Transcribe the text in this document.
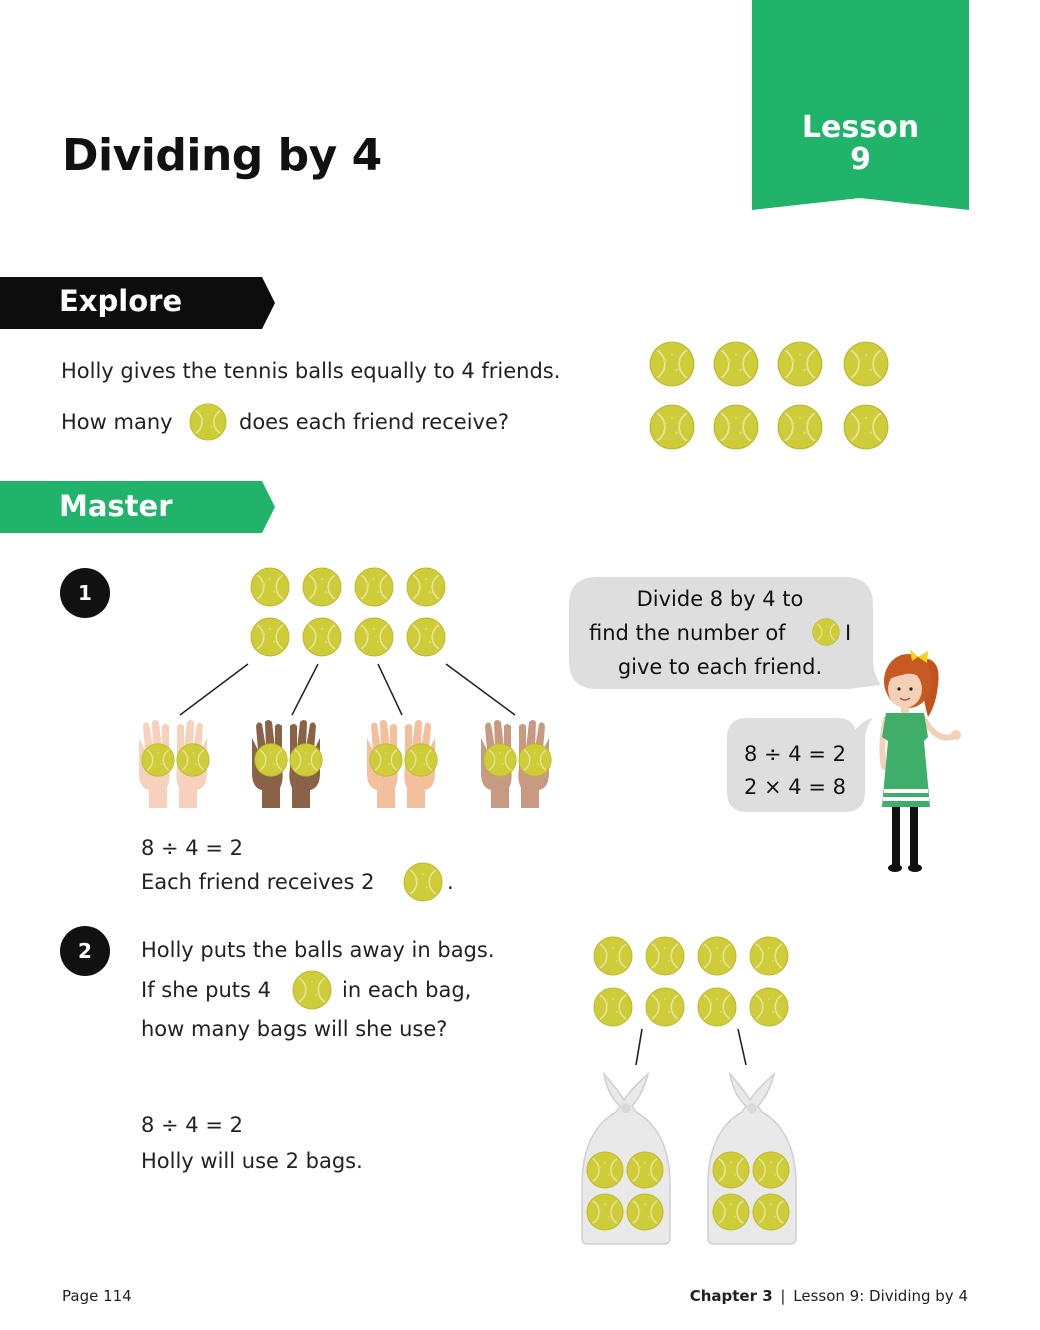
Dividing by 4
Lesson
9
Explore
Holly gives the tennis balls equally to 4 friends.
How many	does each friend receive?
Master
1
8 ÷ 4 = 2
Each friend receives 2	.
Divide 8 by 4 to
find the number of	I
give to each friend.
8 ÷ 4 = 2
2 × 4 = 8
2	Holly puts the balls away in bags.
If she puts 4	in each bag,
how many bags will she use?
8 ÷ 4 = 2
Holly will use 2 bags.
Page 114	Chapter 3 | Lesson 9: Dividing by 4
